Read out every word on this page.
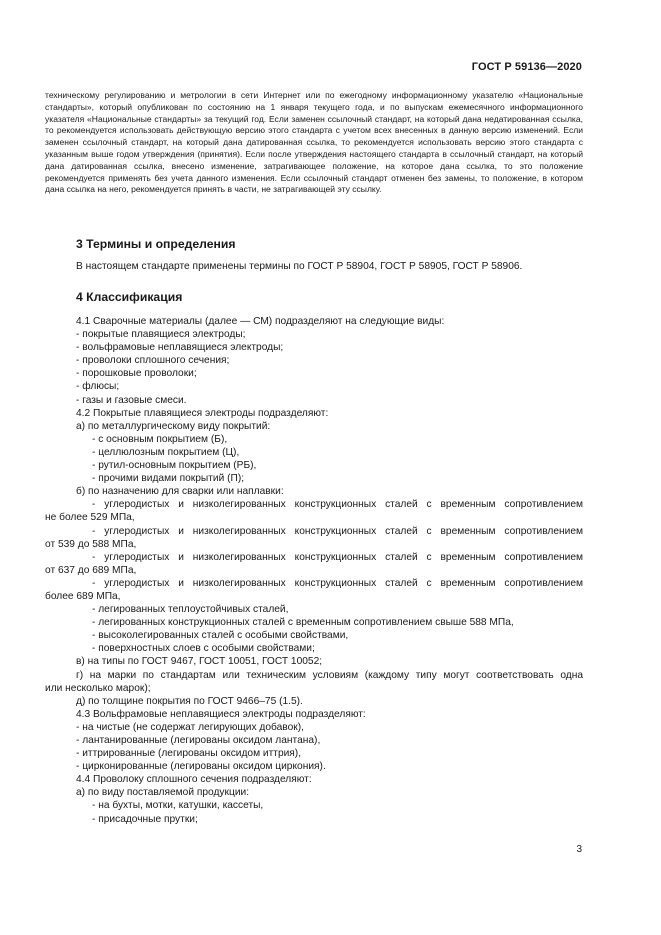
ГОСТ Р 59136—2020

техническому регулированию и метрологии в сети Интернет или по ежегодному информационному указателю «Национальные стандарты», который опубликован по состоянию на 1 января текущего года, и по выпускам ежемесячного информационного указателя «Национальные стандарты» за текущий год. Если заменен ссылочный стандарт, на который дана недатированная ссылка, то рекомендуется использовать действующую версию этого стандарта с учетом всех внесенных в данную версию изменений. Если заменен ссылочный стандарт, на который дана датированная ссылка, то рекомендуется использовать версию этого стандарта с указанным выше годом утверждения (принятия). Если после утверждения настоящего стандарта в ссылочный стандарт, на который дана датированная ссылка, внесено изменение, затрагивающее положение, на которое дана ссылка, то это положение рекомендуется применять без учета данного изменения. Если ссылочный стандарт отменен без замены, то положение, в котором дана ссылка на него, рекомендуется принять в части, не затрагивающей эту ссылку.

3 Термины и определения

В настоящем стандарте применены термины по ГОСТ Р 58904, ГОСТ Р 58905, ГОСТ Р 58906.

4 Классификация
4.1 Сварочные материалы (далее — СМ) подразделяют на следующие виды:
- покрытые плавящиеся электроды;
- вольфрамовые неплавящиеся электроды;
- проволоки сплошного сечения;
- порошковые проволоки;
- флюсы;
- газы и газовые смеси.
4.2 Покрытые плавящиеся электроды подразделяют:
а) по металлургическому виду покрытий:
- с основным покрытием (Б),
- целлюлозным покрытием (Ц),
- рутил-основным покрытием (РБ),
- прочими видами покрытий (П);
б) по назначению для сварки или наплавки:
- углеродистых и низколегированных конструкционных сталей с временным сопротивлением
не более 529 МПа,
- углеродистых и низколегированных конструкционных сталей с временным сопротивлением
от 539 до 588 МПа,
- углеродистых и низколегированных конструкционных сталей с временным сопротивлением
от 637 до 689 МПа,
- углеродистых и низколегированных конструкционных сталей с временным сопротивлением
более 689 МПа,
- легированных теплоустойчивых сталей,
- легированных конструкционных сталей с временным сопротивлением свыше 588 МПа,
- высоколегированных сталей с особыми свойствами,
- поверхностных слоев с особыми свойствами;
в) на типы по ГОСТ 9467, ГОСТ 10051, ГОСТ 10052;
г) на марки по стандартам или техническим условиям (каждому типу могут соответствовать одна
или несколько марок);
д) по толщине покрытия по ГОСТ 9466–75 (1.5).
4.3 Вольфрамовые неплавящиеся электроды подразделяют:
- на чистые (не содержат легирующих добавок),
- лантанированные (легированы оксидом лантана),
- иттрированные (легированы оксидом иттрия),
- цирконированные (легированы оксидом циркония).
4.4 Проволоку сплошного сечения подразделяют:
а) по виду поставляемой продукции:
- на бухты, мотки, катушки, кассеты,
- присадочные прутки;
3
